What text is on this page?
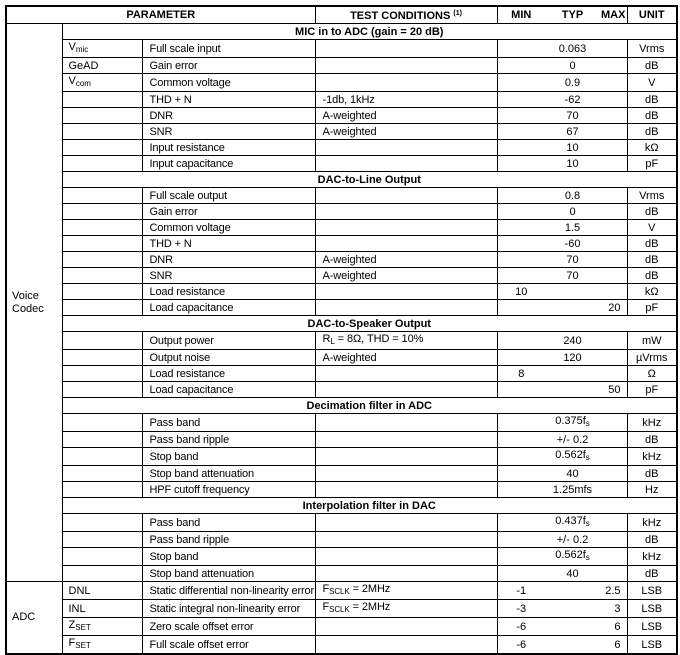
PARAMETER			TEST CONDITIONS $^{(1)}$	MIN	TYP	MAX	UNIT
Voice Codec	MIC in to ADC (gain = 20 dB)						
	$V_{mic}$	Full scale input			0.063		Vrms
	GeAD	Gain error			0		dB
	$V_{com}$	Common voltage			0.9		V
		THD + N	-1db, 1kHz		-62		dB
		DNR	A-weighted		70		dB
		SNR	A-weighted		67		dB
		Input resistance			10		kΩ
		Input capacitance			10		pF
	DAC-to-Line Output						
		Full scale output			0.8		Vrms
		Gain error			0		dB
		Common voltage			1.5		V
		THD + N			-60		dB
		DNR	A-weighted		70		dB
		SNR	A-weighted		70		dB
		Load resistance		10			kΩ
		Load capacitance				20	pF
	DAC-to-Speaker Output						
		Output power	$R_L = 8\Omega$, THD = 10%		240		mW
		Output noise	A-weighted		120		µVrms
		Load resistance		8			Ω
		Load capacitance				50	pF
	Decimation filter in ADC						
		Pass band			$0.375f_s$		kHz
		Pass band ripple			+/- 0.2		dB
		Stop band			$0.562f_s$		kHz
		Stop band attenuation			40		dB
		HPF cutoff frequency			1.25mfs		Hz
	Interpolation filter in DAC						
		Pass band			$0.437f_s$		kHz
		Pass band ripple			+/- 0.2		dB
		Stop band			$0.562f_s$		kHz
		Stop band attenuation			40		dB
ADC	DNL	Static differential non-linearity error	$F_{SCLK} = 2MHz$	-1		2.5	LSB
	INL	Static integral non-linearity error	$F_{SCLK} = 2MHz$	-3		3	LSB
	$Z_{SET}$	Zero scale offset error		-6		6	LSB
	$F_{SET}$	Full scale offset error		-6		6	LSB
